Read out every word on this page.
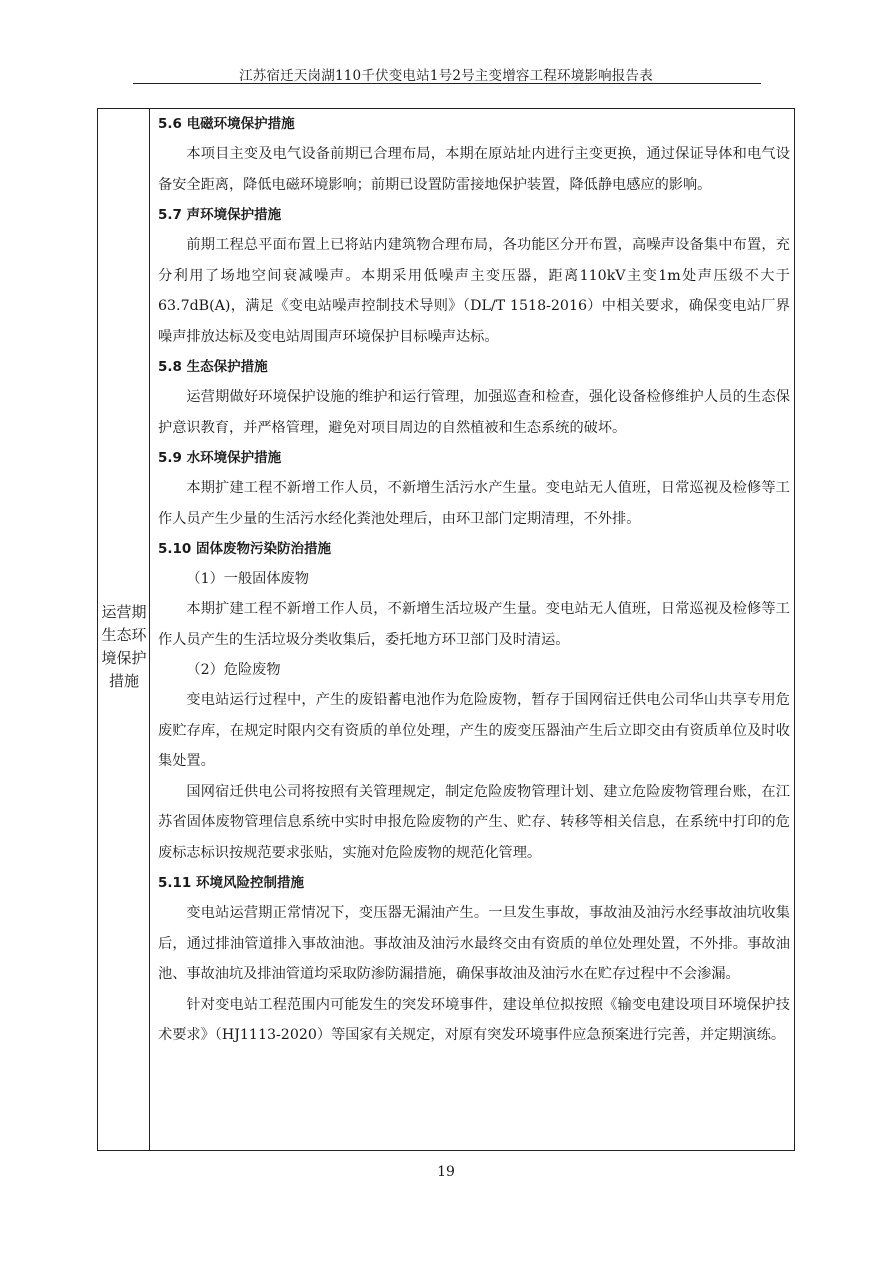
江苏宿迁天岗湖110千伏变电站1号2号主变增容工程环境影响报告表
运营期
生态环
境保护
措施
5.6 电磁环境保护措施

本项目主变及电气设备前期已合理布局，本期在原站址内进行主变更换，通过保证导体和电气设备安全距离，降低电磁环境影响；前期已设置防雷接地保护装置，降低静电感应的影响。

5.7 声环境保护措施

前期工程总平面布置上已将站内建筑物合理布局，各功能区分开布置，高噪声设备集中布置，充分利用了场地空间衰减噪声。本期采用低噪声主变压器，距离110kV主变1m处声压级不大于 63.7dB(A)，满足《变电站噪声控制技术导则》（DL/T 1518-2016）中相关要求，确保变电站厂界噪声排放达标及变电站周围声环境保护目标噪声达标。

5.8 生态保护措施

运营期做好环境保护设施的维护和运行管理，加强巡查和检查，强化设备检修维护人员的生态保护意识教育，并严格管理，避免对项目周边的自然植被和生态系统的破坏。

5.9 水环境保护措施

本期扩建工程不新增工作人员，不新增生活污水产生量。变电站无人值班，日常巡视及检修等工作人员产生少量的生活污水经化粪池处理后，由环卫部门定期清理，不外排。

5.10 固体废物污染防治措施
（1）一般固体废物

本期扩建工程不新增工作人员，不新增生活垃圾产生量。变电站无人值班，日常巡视及检修等工作人员产生的生活垃圾分类收集后，委托地方环卫部门及时清运。

（2）危险废物

变电站运行过程中，产生的废铅蓄电池作为危险废物，暂存于国网宿迁供电公司华山共享专用危废贮存库，在规定时限内交有资质的单位处理，产生的废变压器油产生后立即交由有资质单位及时收集处置。

国网宿迁供电公司将按照有关管理规定，制定危险废物管理计划、建立危险废物管理台账，在江苏省固体废物管理信息系统中实时申报危险废物的产生、贮存、转移等相关信息，在系统中打印的危废标志标识按规范要求张贴，实施对危险废物的规范化管理。

5.11 环境风险控制措施

变电站运营期正常情况下，变压器无漏油产生。一旦发生事故，事故油及油污水经事故油坑收集后，通过排油管道排入事故油池。事故油及油污水最终交由有资质的单位处理处置，不外排。事故油池、事故油坑及排油管道均采取防渗防漏措施，确保事故油及油污水在贮存过程中不会渗漏。

针对变电站工程范围内可能发生的突发环境事件，建设单位拟按照《输变电建设项目环境保护技术要求》（HJ1113-2020）等国家有关规定，对原有突发环境事件应急预案进行完善，并定期演练。

19
